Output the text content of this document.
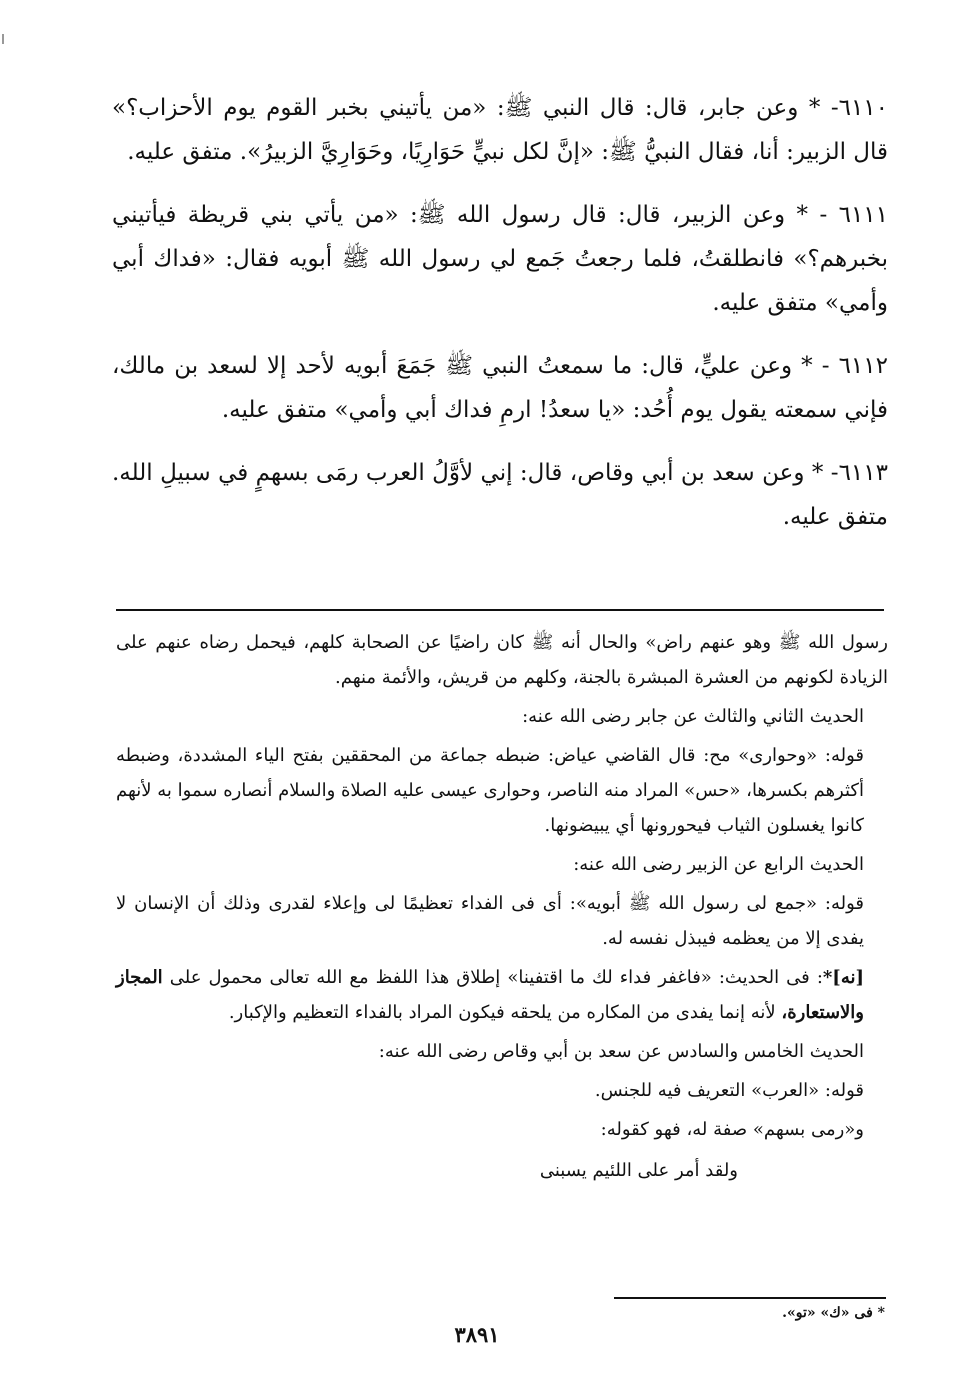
٦١١٠- * وعن جابر، قال: قال النبي ﷺ: «من يأتيني بخبر القوم يوم الأحزاب؟» قال الزبير: أنا، فقال النبيُّ ﷺ: «إنَّ لكل نبيٍّ حَوَارِيًا، وحَوَارِيَّ الزبيرُ». متفق عليه.

٦١١١ - * وعن الزبير، قال: قال رسول الله ﷺ: «من يأتي بني قريظة فيأتيني بخبرهم؟» فانطلقتُ، فلما رجعتُ جَمع لي رسول الله ﷺ أبويه فقال: «فداك أبي وأمي» متفق عليه.

٦١١٢ - * وعن عليٍّ، قال: ما سمعتُ النبي ﷺ جَمَعَ أبويه لأحد إلا لسعد بن مالك، فإني سمعته يقول يوم أُحُد: «يا سعدُ! ارمِ فداك أبي وأمي» متفق عليه.

٦١١٣- * وعن سعد بن أبي وقاص، قال: إني لأوَّلُ العرب رمَى بسهمٍ في سبيلِ الله. متفق عليه.

رسول الله ﷺ وهو عنهم راض» والحال أنه ﷺ كان راضيًا عن الصحابة كلهم، فيحمل رضاه عنهم على الزيادة لكونهم من العشرة المبشرة بالجنة، وكلهم من قريش، والأئمة منهم.

الحديث الثاني والثالث عن جابر رضى الله عنه:

قوله: «وحوارى» مح: قال القاضي عياض: ضبطه جماعة من المحققين بفتح الياء المشددة، وضبطه أكثرهم بكسرها، «حس» المراد منه الناصر، وحوارى عيسى عليه الصلاة والسلام أنصاره سموا به لأنهم كانوا يغسلون الثياب فيحورونها أي يبيضونها.

الحديث الرابع عن الزبير رضى الله عنه:

قوله: «جمع لى رسول الله ﷺ أبويه»: أى فى الفداء تعظيمًا لى وإعلاء لقدرى وذلك أن الإنسان لا يفدى إلا من يعظمه فيبذل نفسه له.

[نه]*: فى الحديث: «فاغفر فداء لك ما اقتفينا» إطلاق هذا اللفظ مع الله تعالى محمول على المجاز والاستعارة، لأنه إنما يفدى من المكاره من يلحقه فيكون المراد بالفداء التعظيم والإكبار.

الحديث الخامس والسادس عن سعد بن أبي وقاص رضى الله عنه:

قوله: «العرب» التعريف فيه للجنس.

و«رمى بسهم» صفة له، فهو كقوله:

ولقد أمر على اللئيم يسبنى

* فى «ك» «تو».
٣٨٩١
